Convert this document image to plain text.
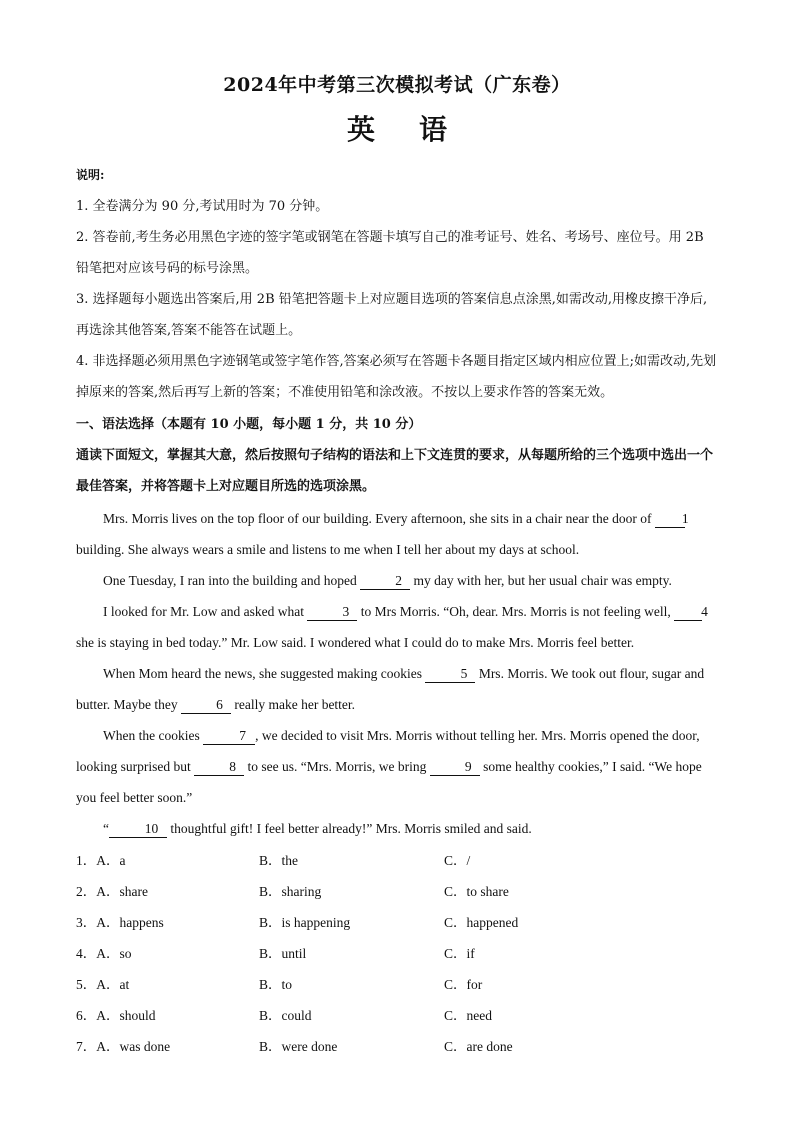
2024年中考第三次模拟考试（广东卷）
英 语
说明:
1. 全卷满分为 90 分,考试用时为 70 分钟。
2. 答卷前,考生务必用黑色字迹的签字笔或钢笔在答题卡填写自己的准考证号、姓名、考场号、座位号。用 2B 铅笔把对应该号码的标号涂黑。
3. 选择题每小题选出答案后,用 2B 铅笔把答题卡上对应题目选项的答案信息点涂黑,如需改动,用橡皮擦干净后,再选涂其他答案,答案不能答在试题上。
4. 非选择题必须用黑色字迹钢笔或签字笔作答,答案必须写在答题卡各题目指定区域内相应位置上;如需改动,先划掉原来的答案,然后再写上新的答案；不准使用铅笔和涂改液。不按以上要求作答的答案无效。
一、语法选择（本题有 10 小题，每小题 1 分，共 10 分）
通读下面短文，掌握其大意，然后按照句子结构的语法和上下文连贯的要求，从每题所给的三个选项中选出一个最佳答案，并将答题卡上对应题目所选的选项涂黑。
Mrs. Morris lives on the top floor of our building. Every afternoon, she sits in a chair near the door of 1 building. She always wears a smile and listens to me when I tell her about my days at school.
One Tuesday, I ran into the building and hoped	2 my day with her, but her usual chair was empty.
I looked for Mr. Low and asked what	3 to Mrs Morris. “Oh, dear. Mrs. Morris is not feeling well, 4 she is staying in bed today.” Mr. Low said. I wondered what I could do to make Mrs. Morris feel better.
When Mom heard the news, she suggested making cookies	5 Mrs. Morris. We took out flour, sugar and butter. Maybe they	6 really make her better.
When the cookies	7 , we decided to visit Mrs. Morris without telling her. Mrs. Morris opened the door, looking surprised but	8 to see us. “Mrs. Morris, we bring	9 some healthy cookies,” I said. “We hope you feel better soon.”
“	10 thoughtful gift! I feel better already!” Mrs. Morris smiled and said.
1．A．a	B．the	C．/
2．A．share	B．sharing	C．to share
3．A．happens	B．is happening	C．happened
4．A．so	B．until	C．if
5．A．at	B．to	C．for
6．A．should	B．could	C．need
7．A．was done	B．were done	C．are done
